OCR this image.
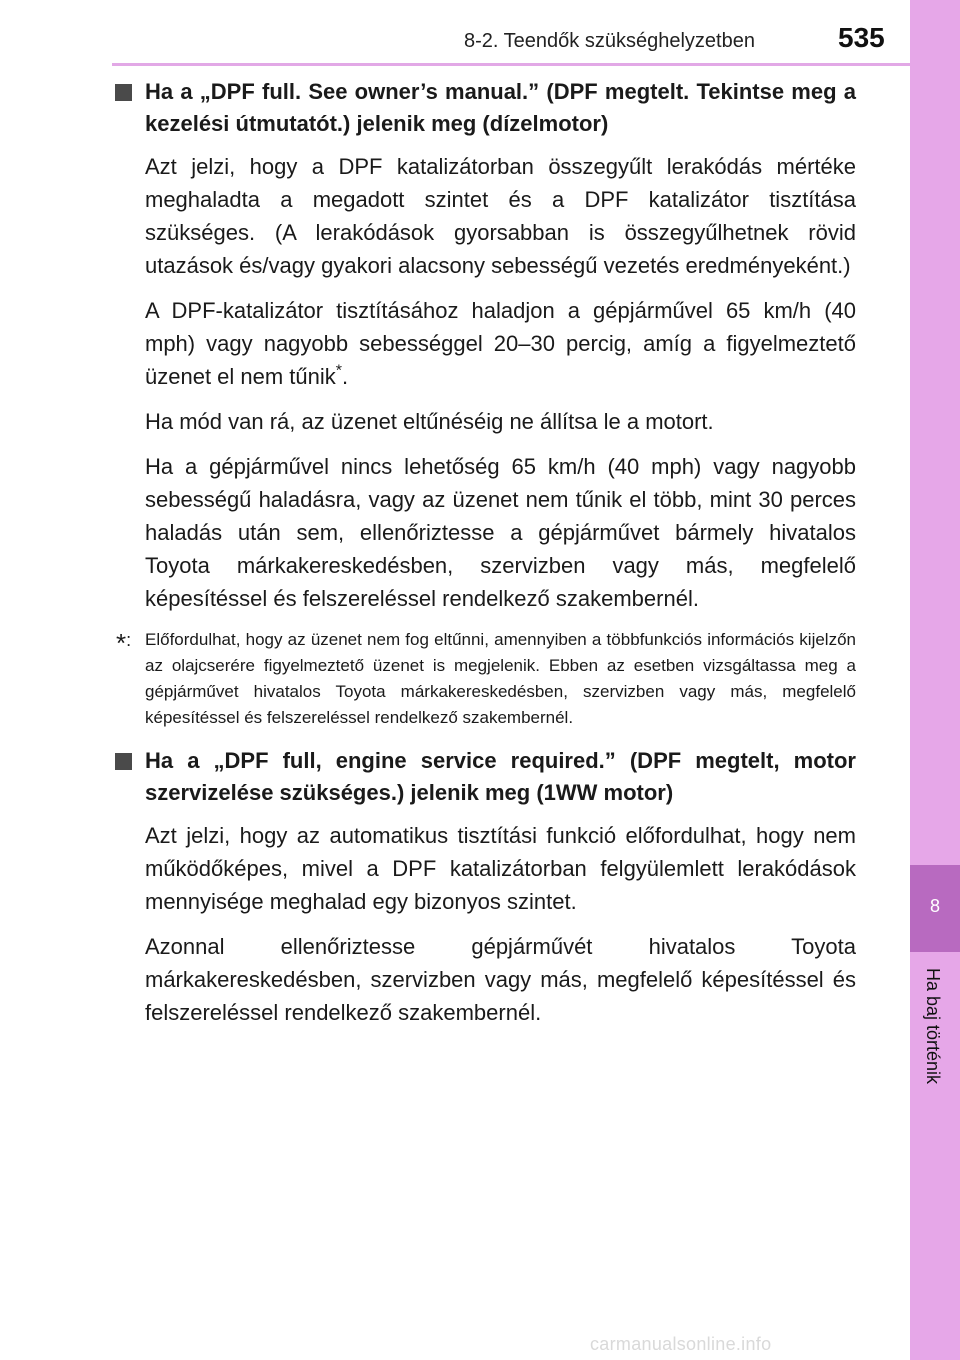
8-2. Teendők szükséghelyzetben	535
8
Ha baj történik
Ha a „DPF full. See owner’s manual.” (DPF megtelt. Tekintse meg a kezelési útmutatót.) jelenik meg (dízelmotor)
Azt jelzi, hogy a DPF katalizátorban összegyűlt lerakódás mértéke meghaladta a megadott szintet és a DPF katalizátor tisztítása szükséges. (A lerakódások gyorsabban is összegyűlhetnek rövid utazások és/vagy gyakori alacsony sebességű vezetés eredményeként.)
A DPF-katalizátor tisztításához haladjon a gépjárművel 65 km/h (40 mph) vagy nagyobb sebességgel 20–30 percig, amíg a figyelmeztető üzenet el nem tűnik*.
Ha mód van rá, az üzenet eltűnéséig ne állítsa le a motort.
Ha a gépjárművel nincs lehetőség 65 km/h (40 mph) vagy nagyobb sebességű haladásra, vagy az üzenet nem tűnik el több, mint 30 perces haladás után sem, ellenőriztesse a gépjárművet bármely hivatalos Toyota márkakereskedésben, szervizben vagy más, megfelelő képesítéssel és felszereléssel rendelkező szakembernél.
*: Előfordulhat, hogy az üzenet nem fog eltűnni, amennyiben a többfunkciós információs kijelzőn az olajcserére figyelmeztető üzenet is megjelenik. Ebben az esetben vizsgáltassa meg a gépjárművet hivatalos Toyota márkakereskedésben, szervizben vagy más, megfelelő képesítéssel és felszereléssel rendelkező szakembernél.
Ha a „DPF full, engine service required.” (DPF megtelt, motor szervizelése szükséges.) jelenik meg (1WW motor)
Azt jelzi, hogy az automatikus tisztítási funkció előfordulhat, hogy nem működőképes, mivel a DPF katalizátorban felgyülemlett lerakódások mennyisége meghalad egy bizonyos szintet.
Azonnal ellenőriztesse gépjárművét hivatalos Toyota márkakereskedésben, szervizben vagy más, megfelelő képesítéssel és felszereléssel rendelkező szakembernél.
carmanualsonline.info
